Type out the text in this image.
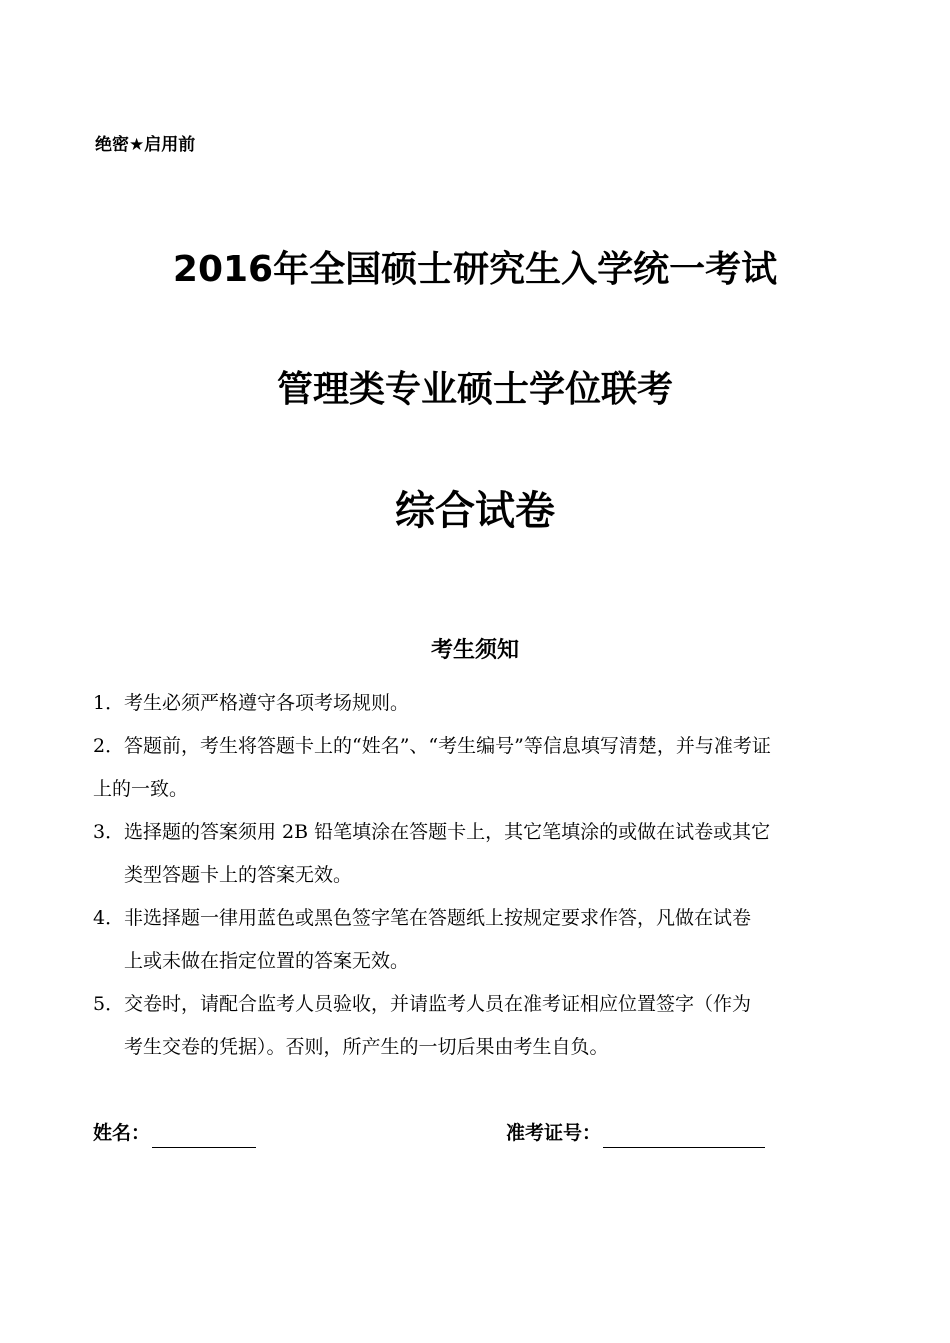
绝密★启用前
2016年全国硕士研究生入学统一考试
管理类专业硕士学位联考
综合试卷
考生须知
1． 考生必须严格遵守各项考场规则。
2． 答题前，考生将答题卡上的“姓名”、“考生编号”等信息填写清楚，并与准考证
上的一致。
3． 选择题的答案须用 2B 铅笔填涂在答题卡上，其它笔填涂的或做在试卷或其它
类型答题卡上的答案无效。
4． 非选择题一律用蓝色或黑色签字笔在答题纸上按规定要求作答，凡做在试卷
上或未做在指定位置的答案无效。
5． 交卷时，请配合监考人员验收，并请监考人员在准考证相应位置签字（作为
考生交卷的凭据）。否则，所产生的一切后果由考生自负。
姓名：	准考证号：
